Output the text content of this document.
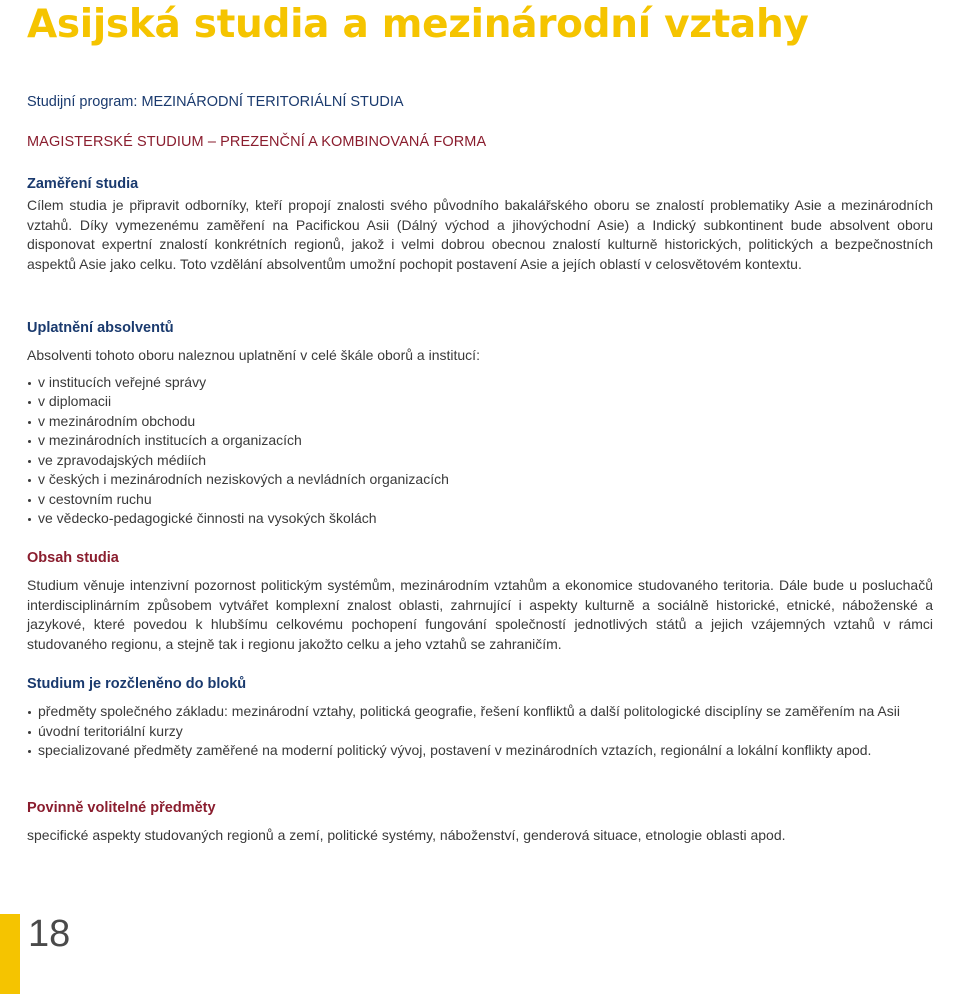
Asijská studia a mezinárodní vztahy

Studijní program: MEZINÁRODNÍ TERITORIÁLNÍ STUDIA

MAGISTERSKÉ STUDIUM – PREZENČNÍ A KOMBINOVANÁ FORMA

Zaměření studia

Cílem studia je připravit odborníky, kteří propojí znalosti svého původního bakalářského oboru se znalostí problematiky Asie a mezinárodních vztahů. Díky vymezenému zaměření na Pacifickou Asii (Dálný východ a jihovýchodní Asie) a Indický subkontinent bude absolvent oboru disponovat expertní znalostí konkrétních regionů, jakož i velmi dobrou obecnou znalostí kulturně historických, politických a bezpečnostních aspektů Asie jako celku. Toto vzdělání absolventům umožní pochopit postavení Asie a jejích oblastí v celosvětovém kontextu.

Uplatnění absolventů

Absolventi tohoto oboru naleznou uplatnění v celé škále oborů a institucí:

v institucích veřejné správy
v diplomacii
v mezinárodním obchodu
v mezinárodních institucích a organizacích
ve zpravodajských médiích
v českých i mezinárodních neziskových a nevládních organizacích
v cestovním ruchu
ve vědecko-pedagogické činnosti na vysokých školách
Obsah studia

Studium věnuje intenzivní pozornost politickým systémům, mezinárodním vztahům a ekonomice studovaného teritoria. Dále bude u posluchačů interdisciplinárním způsobem vytvářet komplexní znalost oblasti, zahrnující i aspekty kulturně a sociálně historické, etnické, náboženské a jazykové, které povedou k hlubšímu celkovému pochopení fungování společností jednotlivých států a jejich vzájemných vztahů v rámci studovaného regionu, a stejně tak i regionu jakožto celku a jeho vztahů se zahraničím.

Studium je rozčleněno do bloků
předměty společného základu: mezinárodní vztahy, politická geografie, řešení konfliktů a další politologické disciplíny se zaměřením na Asii
úvodní teritoriální kurzy
specializované předměty zaměřené na moderní politický vývoj, postavení v mezinárodních vztazích, regionální a lokální konflikty apod.
Povinně volitelné předměty

specifické aspekty studovaných regionů a zemí, politické systémy, náboženství, genderová situace, etnologie oblasti apod.

18
